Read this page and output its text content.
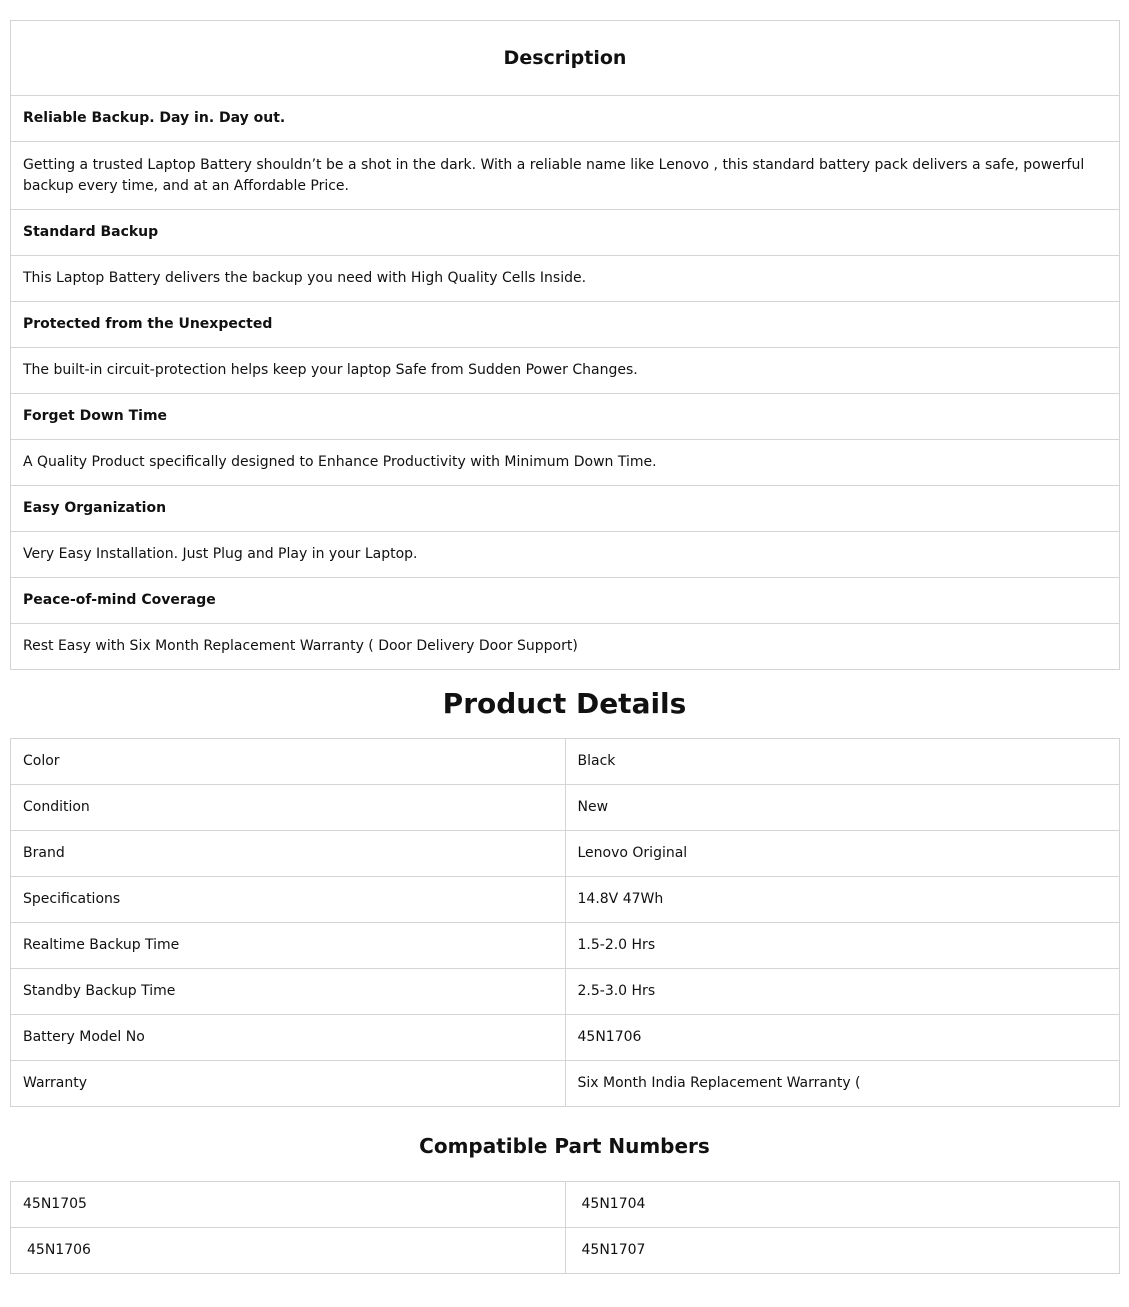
Description
Reliable Backup. Day in. Day out.
Getting a trusted Laptop Battery shouldn’t be a shot in the dark. With a reliable name like Lenovo , this standard battery pack delivers a safe, powerful backup every time, and at an Affordable Price.
Standard Backup
This Laptop Battery delivers the backup you need with High Quality Cells Inside.
Protected from the Unexpected
The built-in circuit-protection helps keep your laptop Safe from Sudden Power Changes.
Forget Down Time
A Quality Product specifically designed to Enhance Productivity with Minimum Down Time.
Easy Organization
Very Easy Installation. Just Plug and Play in your Laptop.
Peace-of-mind Coverage
Rest Easy with Six Month Replacement Warranty ( Door Delivery Door Support)
Product Details
Color	Black
Condition	New
Brand	Lenovo Original
Specifications	14.8V 47Wh
Realtime Backup Time	1.5-2.0 Hrs
Standby Backup Time	2.5-3.0 Hrs
Battery Model No	45N1706
Warranty	Six Month India Replacement Warranty (
Compatible Part Numbers
45N1705	45N1704
45N1706	45N1707
